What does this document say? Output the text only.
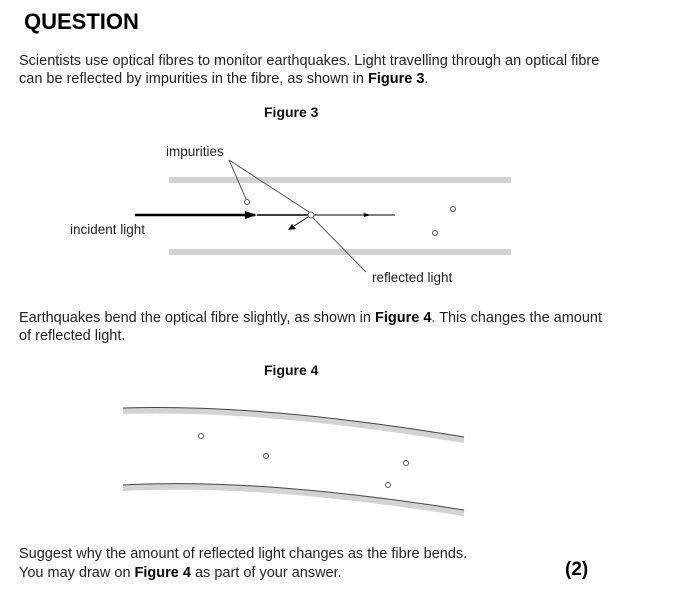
QUESTION

Scientists use optical fibres to monitor earthquakes. Light travelling through an optical fibre
can be reflected by impurities in the fibre, as shown in Figure 3.

Figure 3
impurities
incident light
reflected light

Earthquakes bend the optical fibre slightly, as shown in Figure 4. This changes the amount
of reflected light.

Figure 4

Suggest why the amount of reflected light changes as the fibre bends.
You may draw on Figure 4 as part of your answer.	(2)
